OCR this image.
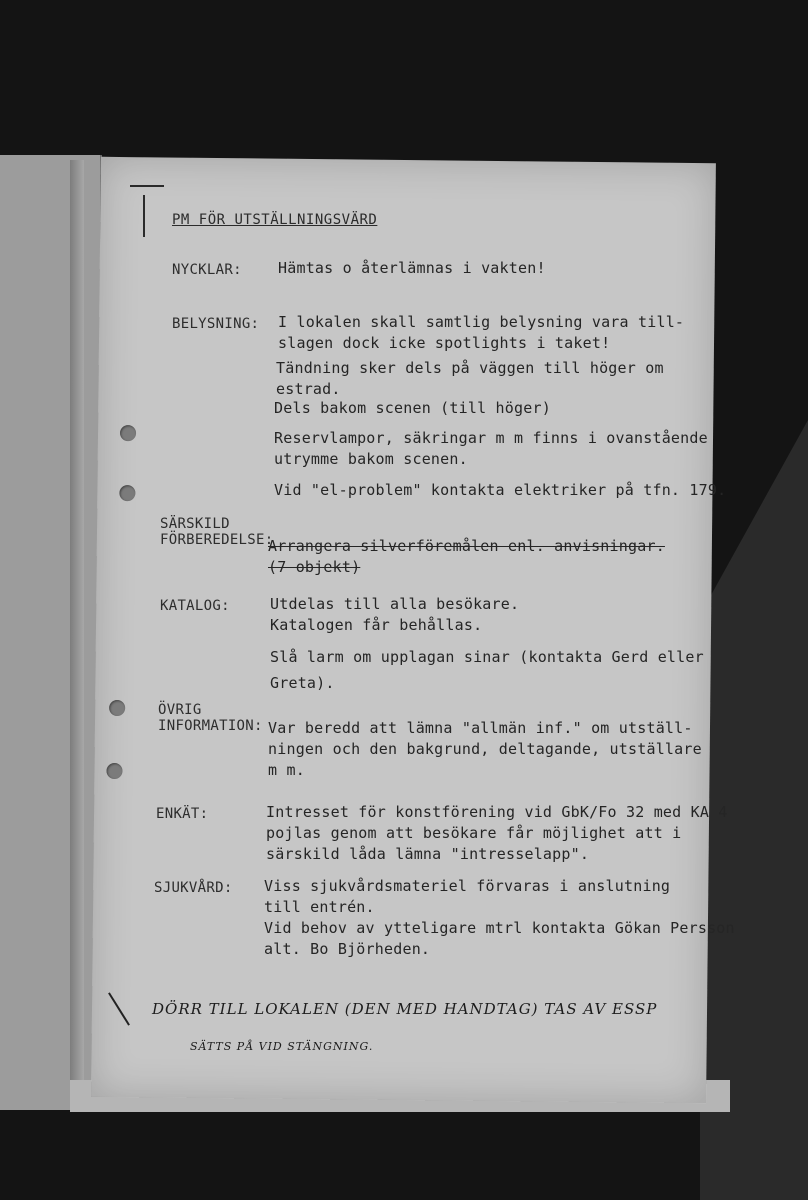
PM FÖR UTSTÄLLNINGSVÄRD
NYCKLAR: Hämtas o återlämnas i vakten!
BELYSNING: I lokalen skall samtlig belysning vara till-
slagen dock icke spotlights i taket!
Tändning sker dels på väggen till höger om
estrad.
Dels bakom scenen (till höger)
Reservlampor, säkringar m m finns i ovanstående
utrymme bakom scenen.
Vid "el-problem" kontakta elektriker på tfn. 179.
SÄRSKILD
FÖRBEREDELSE:
Arrangera silverföremålen enl. anvisningar.
(7 objekt)
KATALOG:	Utdelas till alla besökare.
Katalogen får behållas.
Slå larm om upplagan sinar (kontakta Gerd eller
Greta).
ÖVRIG
INFORMATION: Var beredd att lämna "allmän inf." om utställ-
ningen och den bakgrund, deltagande, utställare
m m.
ENKÄT:	Intresset för konstförening vid GbK/Fo 32 med KA 4
pojlas genom att besökare får möjlighet att i
särskild låda lämna "intresselapp".
SJUKVÅRD: Viss sjukvårdsmateriel förvaras i anslutning
till entrén.
Vid behov av ytteligare mtrl kontakta Gökan Persson
alt. Bo Björheden.
DÖRR TILL LOKALEN (DEN MED HANDTAG) TAS AV ESSP
SÄTTS PÅ VID STÄNGNING.
